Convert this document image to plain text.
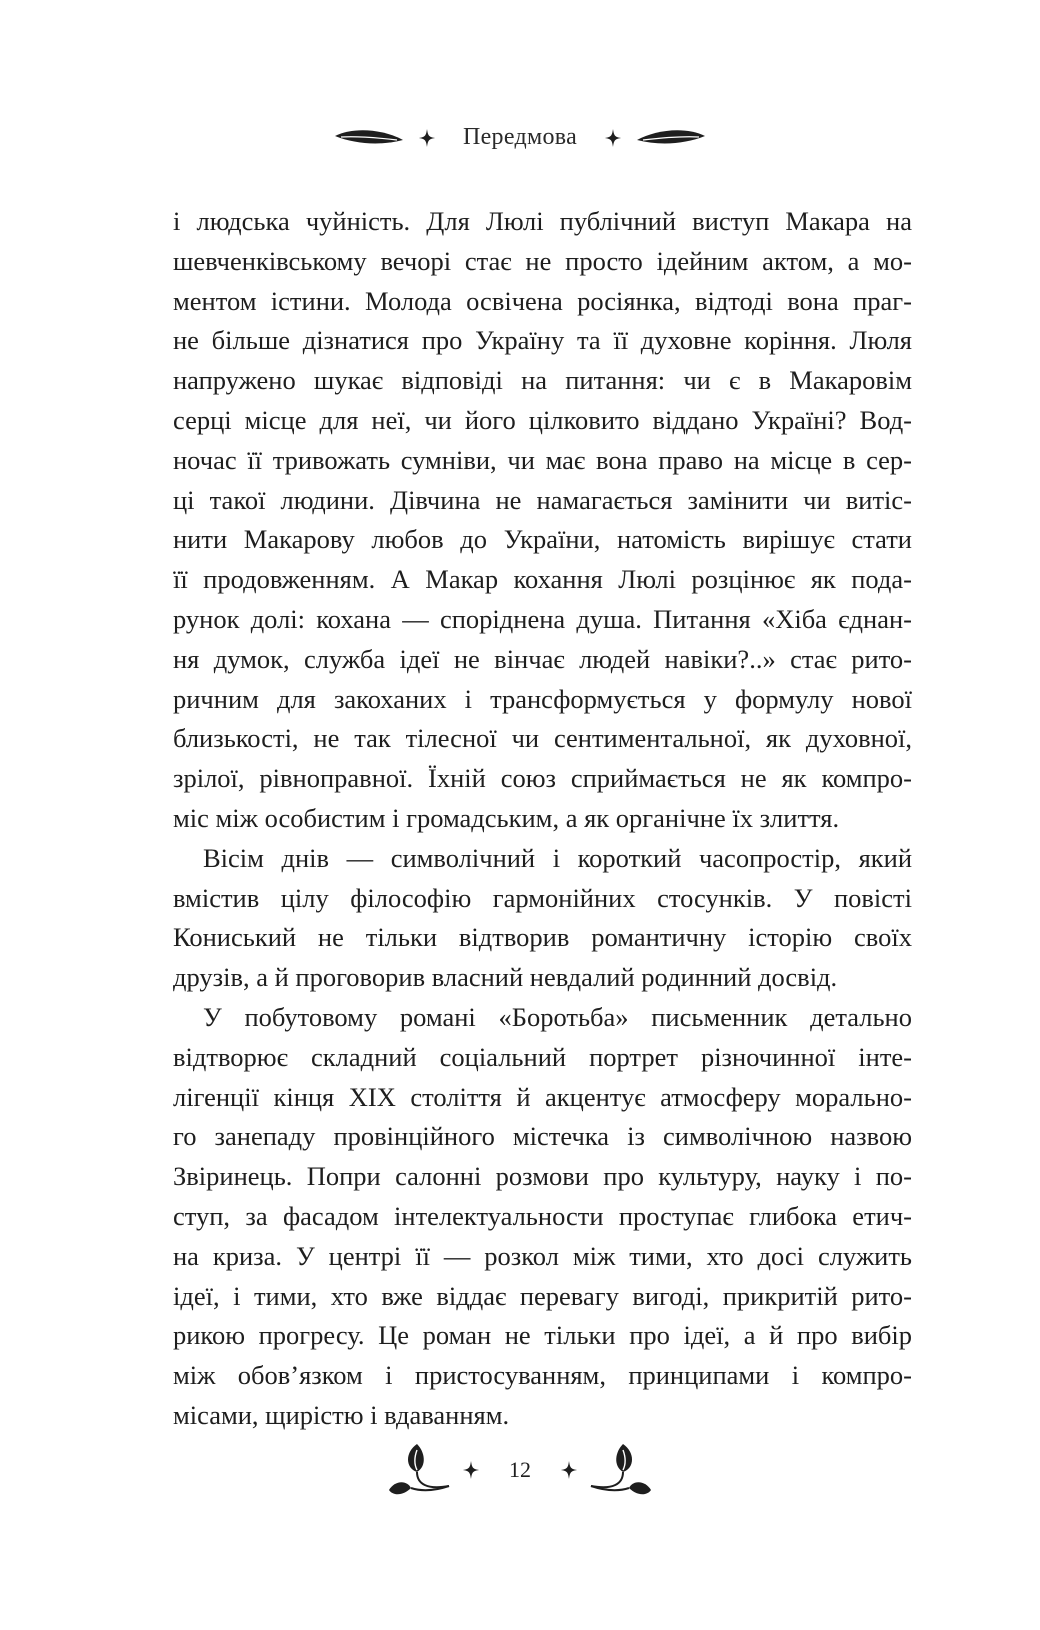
Передмова
і людська чуйність. Для Люлі публічний виступ Макара на
шевченківському вечорі стає не просто ідейним актом, а мо-
ментом істини. Молода освічена росіянка, відтоді вона праг-
не більше дізнатися про Україну та її духовне коріння. Люля
напружено шукає відповіді на питання: чи є в Макаровім
серці місце для неї, чи його цілковито віддано Україні? Вод-
ночас її тривожать сумніви, чи має вона право на місце в сер-
ці такої людини. Дівчина не намагається замінити чи витіс-
нити Макарову любов до України, натомість вирішує стати
її продовженням. А Макар кохання Люлі розцінює як пода-
рунок долі: кохана — споріднена душа. Питання «Хіба єднан-
ня думок, служба ідеї не вінчає людей навіки?..» стає рито-
ричним для закоханих і трансформується у формулу нової
близькості, не так тілесної чи сентиментальної, як духовної,
зрілої, рівноправної. Їхній союз сприймається не як компро-
міс між особистим і громадським, а як органічне їх злиття.
Вісім днів — символічний і короткий часопростір, який
вмістив цілу філософію гармонійних стосунків. У повісті
Кониський не тільки відтворив романтичну історію своїх
друзів, а й проговорив власний невдалий родинний досвід.
У побутовому романі «Боротьба» письменник детально
відтворює складний соціальний портрет різночинної інте-
лігенції кінця XIX століття й акцентує атмосферу морально-
го занепаду провінційного містечка із символічною назвою
Звіринець. Попри салонні розмови про культуру, науку і по-
ступ, за фасадом інтелектуальности проступає глибока етич-
на криза. У центрі її — розкол між тими, хто досі служить
ідеї, і тими, хто вже віддає перевагу вигоді, прикритій рито-
рикою прогресу. Це роман не тільки про ідеї, а й про вибір
між обов’язком і пристосуванням, принципами і компро-
місами, щирістю і вдаванням.
12
